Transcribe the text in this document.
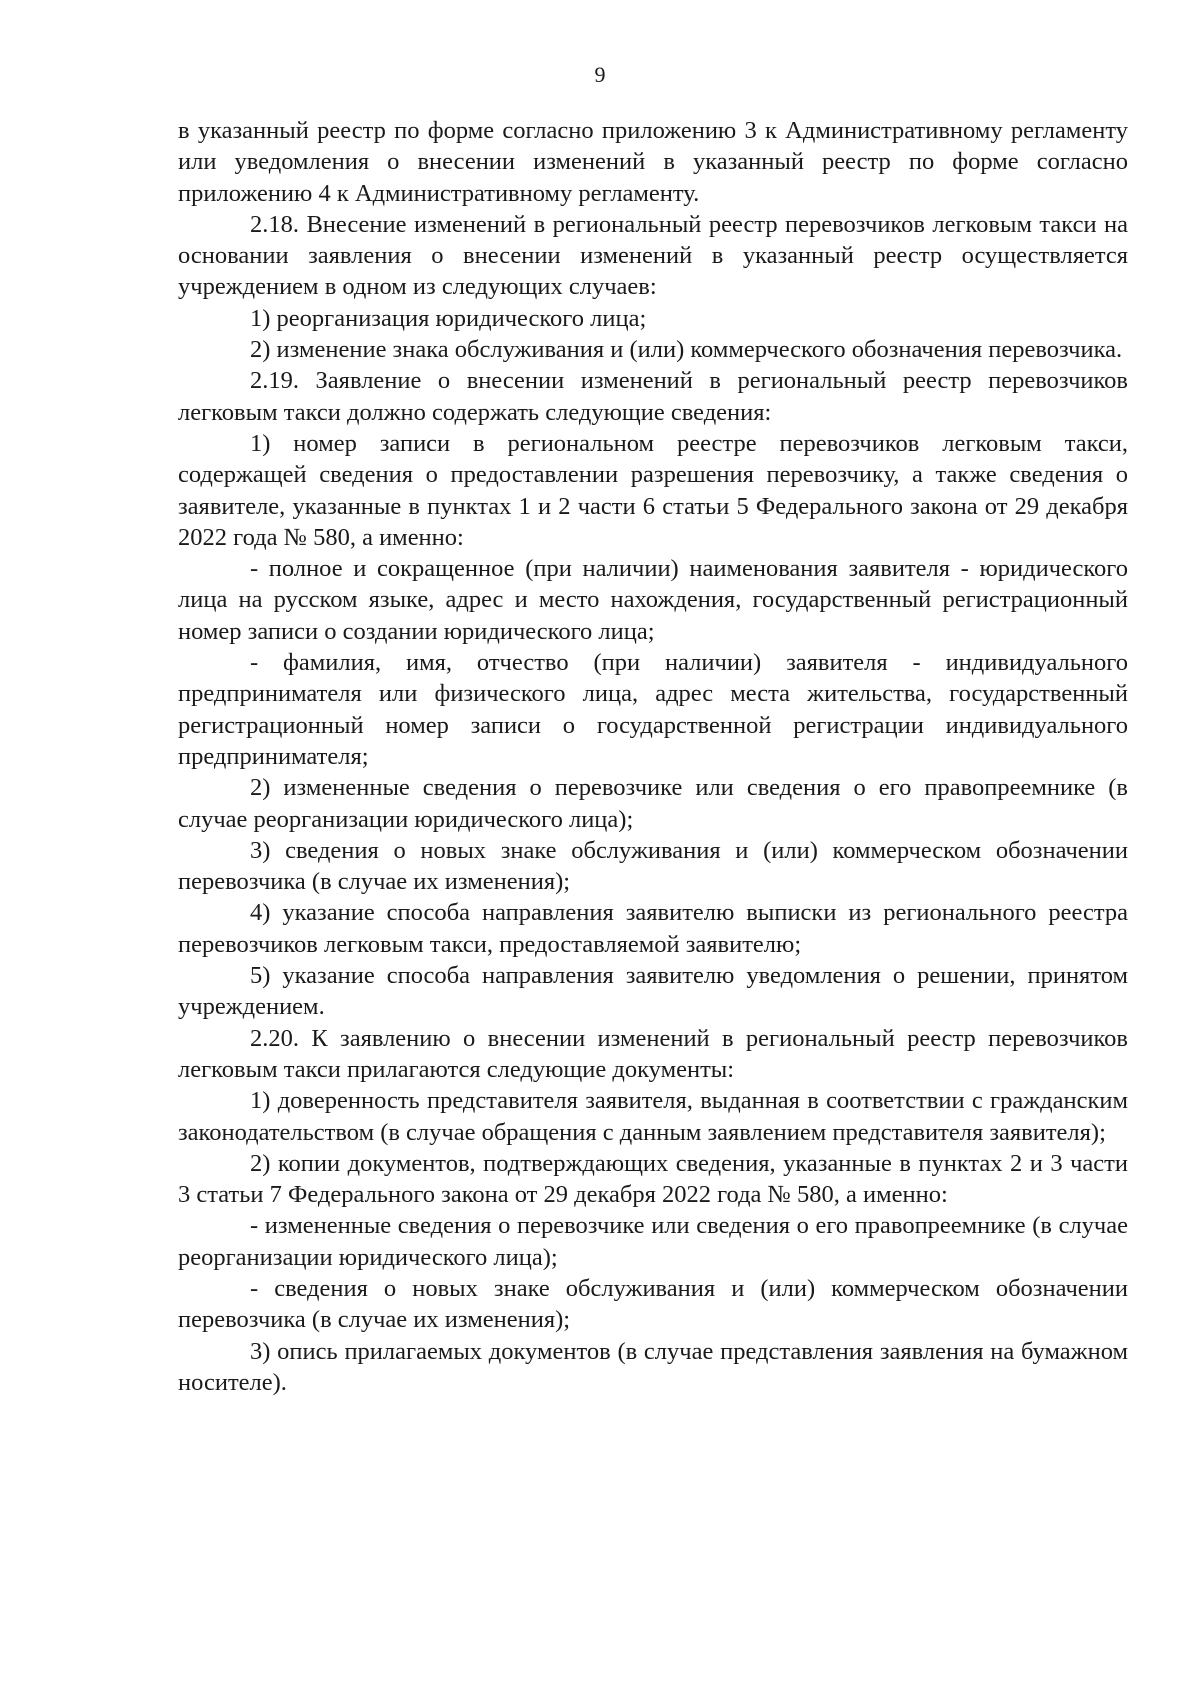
9

в указанный реестр по форме согласно приложению 3 к Административному регламенту или уведомления о внесении изменений в указанный реестр по форме согласно приложению 4 к Административному регламенту.

2.18. Внесение изменений в региональный реестр перевозчиков легковым такси на основании заявления о внесении изменений в указанный реестр осуществляется учреждением в одном из следующих случаев:

1) реорганизация юридического лица;

2) изменение знака обслуживания и (или) коммерческого обозначения перевозчика.

2.19. Заявление о внесении изменений в региональный реестр перевозчиков легковым такси должно содержать следующие сведения:

1) номер записи в региональном реестре перевозчиков легковым такси, содержащей сведения о предоставлении разрешения перевозчику, а также сведения о заявителе, указанные в пунктах 1 и 2 части 6 статьи 5 Федерального закона от 29 декабря 2022 года № 580, а именно:

- полное и сокращенное (при наличии) наименования заявителя - юридического лица на русском языке, адрес и место нахождения, государственный регистрационный номер записи о создании юридического лица;

- фамилия, имя, отчество (при наличии) заявителя - индивидуального предпринимателя или физического лица, адрес места жительства, государственный регистрационный номер записи о государственной регистрации индивидуального предпринимателя;

2) измененные сведения о перевозчике или сведения о его правопреемнике (в случае реорганизации юридического лица);

3) сведения о новых знаке обслуживания и (или) коммерческом обозначении перевозчика (в случае их изменения);

4) указание способа направления заявителю выписки из регионального реестра перевозчиков легковым такси, предоставляемой заявителю;

5) указание способа направления заявителю уведомления о решении, принятом учреждением.

2.20. К заявлению о внесении изменений в региональный реестр перевозчиков легковым такси прилагаются следующие документы:

1) доверенность представителя заявителя, выданная в соответствии с гражданским законодательством (в случае обращения с данным заявлением представителя заявителя);

2) копии документов, подтверждающих сведения, указанные в пунктах 2 и 3 части 3 статьи 7 Федерального закона от 29 декабря 2022 года № 580, а именно:

- измененные сведения о перевозчике или сведения о его правопреемнике (в случае реорганизации юридического лица);

- сведения о новых знаке обслуживания и (или) коммерческом обозначении перевозчика (в случае их изменения);

3) опись прилагаемых документов (в случае представления заявления на бумажном носителе).
